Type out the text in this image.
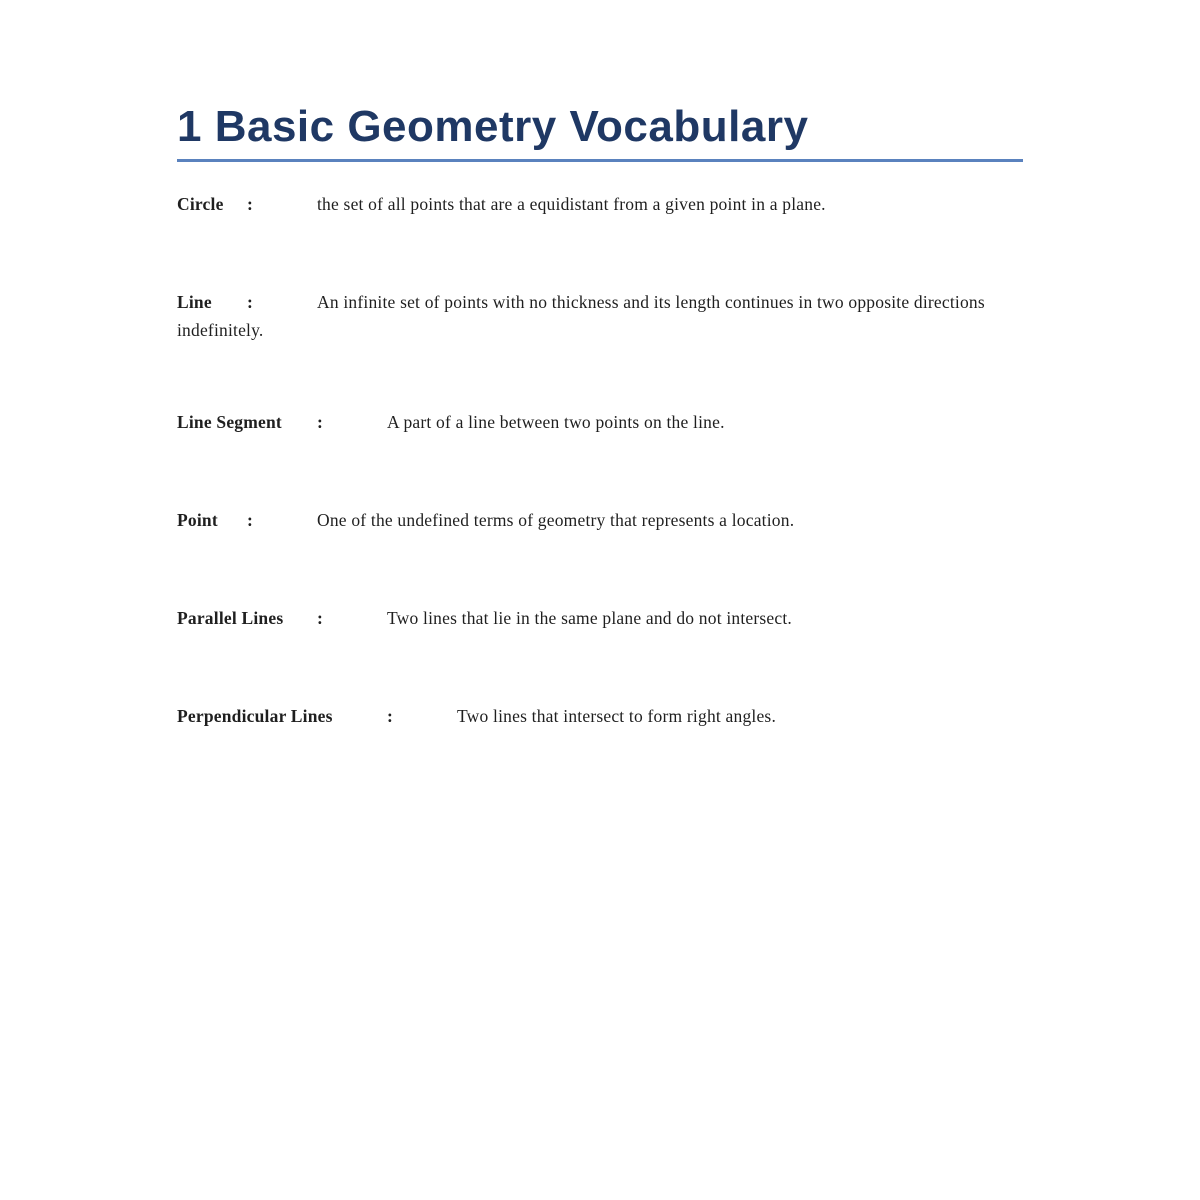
1 Basic Geometry Vocabulary

Circle :	the set of all points that are a equidistant from a given point in a plane.

Line :	An infinite set of points with no thickness and its length continues in two opposite directions indefinitely.

Line Segment :	A part of a line between two points on the line.

Point :	One of the undefined terms of geometry that represents a location.

Parallel Lines :	Two lines that lie in the same plane and do not intersect.

Perpendicular Lines	:	Two lines that intersect to form right angles.
